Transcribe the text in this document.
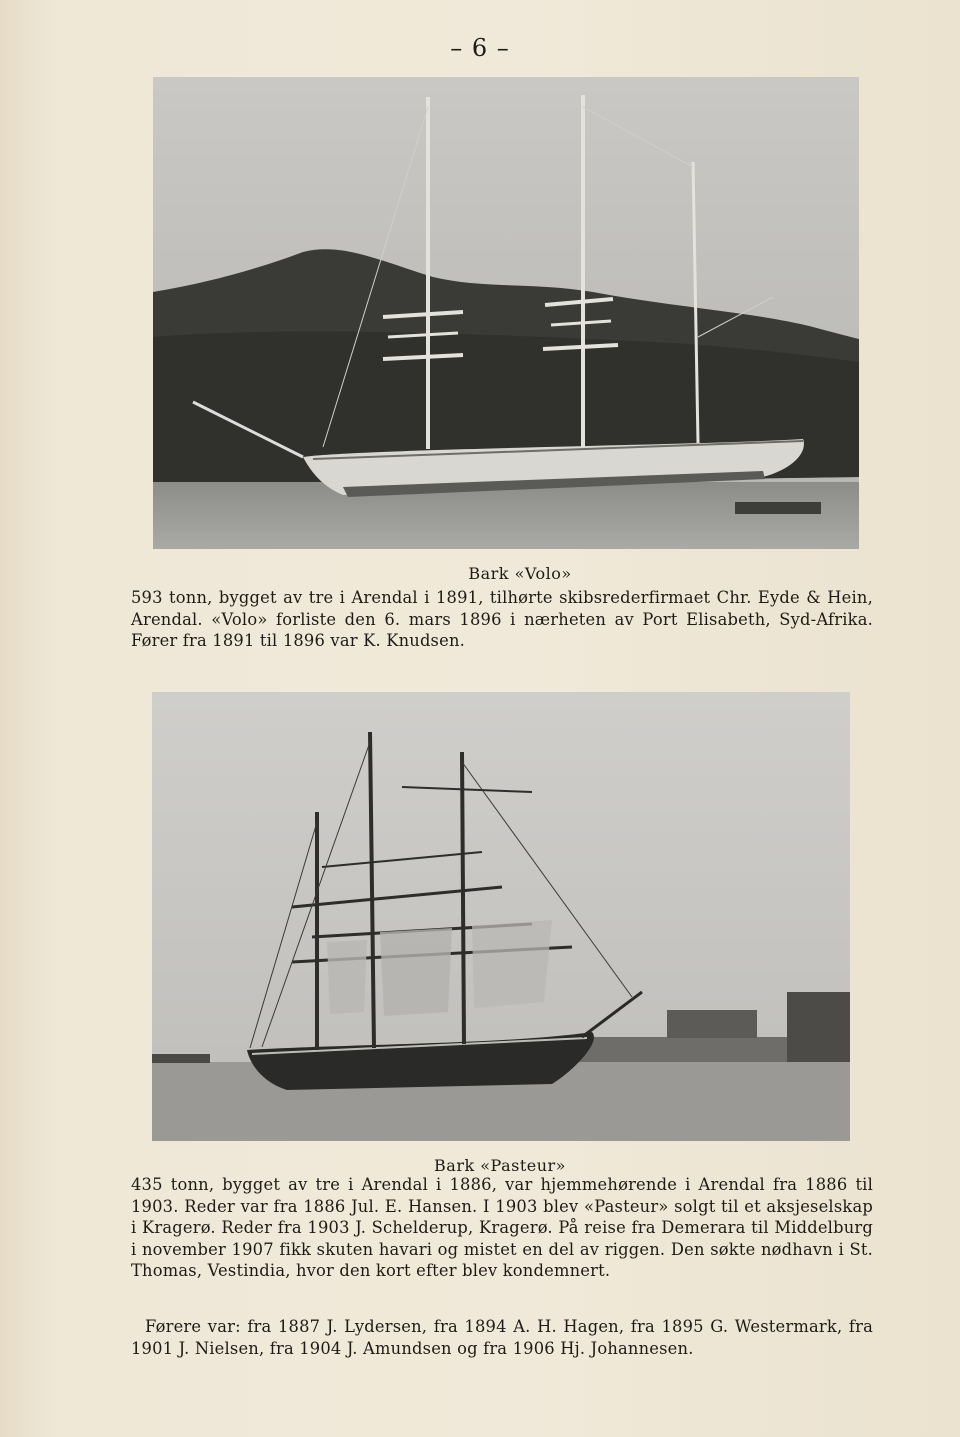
– 6 –
Bark «Volo»
593 tonn, bygget av tre i Arendal i 1891, tilhørte skibsrederfirmaet Chr. Eyde & Hein, Arendal. «Volo» forliste den 6. mars 1896 i nærheten av Port Elisabeth, Syd-Afrika. Fører fra 1891 til 1896 var K. Knudsen.
Bark «Pasteur»
435 tonn, bygget av tre i Arendal i 1886, var hjemmehørende i Arendal fra 1886 til 1903. Reder var fra 1886 Jul. E. Hansen. I 1903 blev «Pasteur» solgt til et aksjeselskap i Kragerø. Reder fra 1903 J. Schelderup, Kragerø. På reise fra Demerara til Middelburg i november 1907 fikk skuten havari og mistet en del av riggen. Den søkte nødhavn i St. Thomas, Vestindia, hvor den kort efter blev kondemnert.
Førere var: fra 1887 J. Lydersen, fra 1894 A. H. Hagen, fra 1895 G. Westermark, fra 1901 J. Nielsen, fra 1904 J. Amundsen og fra 1906 Hj. Johannesen.
